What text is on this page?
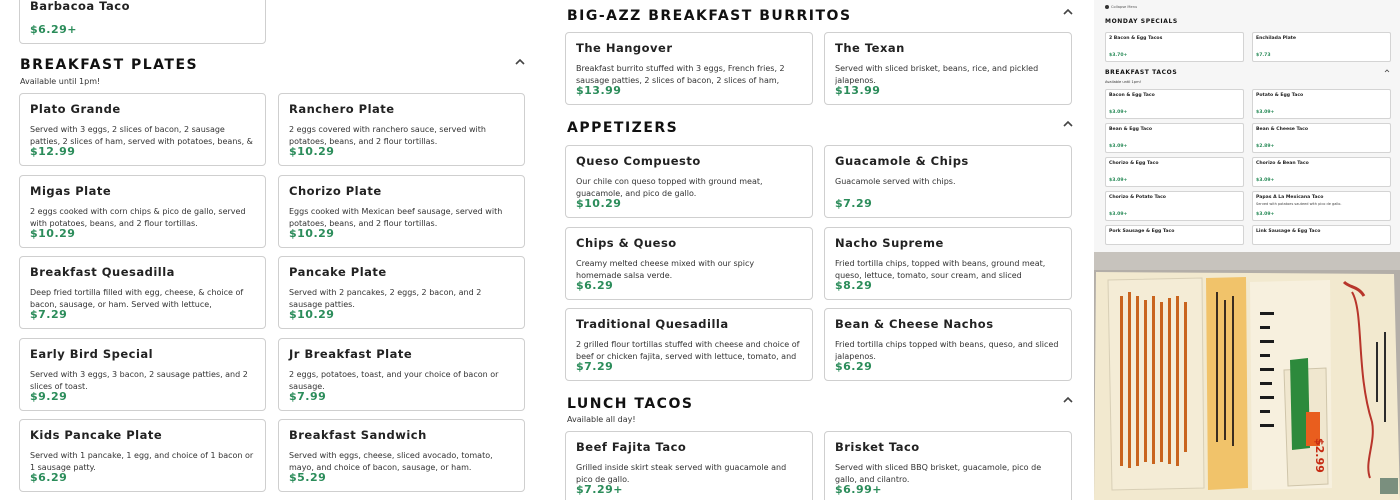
Barbacoa Taco
$6.29+
BREAKFAST PLATES
Available until 1pm!
Plato Grande
Served with 3 eggs, 2 slices of bacon, 2 sausage patties, 2 slices of ham, served with potatoes, beans, &
$12.99
Ranchero Plate
2 eggs covered with ranchero sauce, served with potatoes, beans, and 2 flour tortillas.
$10.29
Migas Plate
2 eggs cooked with corn chips & pico de gallo, served with potatoes, beans, and 2 flour tortillas.
$10.29
Chorizo Plate
Eggs cooked with Mexican beef sausage, served with potatoes, beans, and 2 flour tortillas.
$10.29
Breakfast Quesadilla
Deep fried tortilla filled with egg, cheese, & choice of bacon, sausage, or ham. Served with lettuce,
$7.29
Pancake Plate
Served with 2 pancakes, 2 eggs, 2 bacon, and 2 sausage patties.
$10.29
Early Bird Special
Served with 3 eggs, 3 bacon, 2 sausage patties, and 2 slices of toast.
$9.29
Jr Breakfast Plate
2 eggs, potatoes, toast, and your choice of bacon or sausage.
$7.99
Kids Pancake Plate
Served with 1 pancake, 1 egg, and choice of 1 bacon or 1 sausage patty.
$6.29
Breakfast Sandwich
Served with eggs, cheese, sliced avocado, tomato, mayo, and choice of bacon, sausage, or ham.
$5.29
BIG-AZZ BREAKFAST BURRITOS
APPETIZERS
LUNCH TACOS
Available all day!
The Hangover
Breakfast burrito stuffed with 3 eggs, French fries, 2 sausage patties, 2 slices of bacon, 2 slices of ham,
$13.99
The Texan
Served with sliced brisket, beans, rice, and pickled jalapenos.
$13.99
Queso Compuesto
Our chile con queso topped with ground meat, guacamole, and pico de gallo.
$10.29
Guacamole & Chips
Guacamole served with chips.
$7.29
Chips & Queso
Creamy melted cheese mixed with our spicy homemade salsa verde.
$6.29
Nacho Supreme
Fried tortilla chips, topped with beans, ground meat, queso, lettuce, tomato, sour cream, and sliced
$8.29
Traditional Quesadilla
2 grilled flour tortillas stuffed with cheese and choice of beef or chicken fajita, served with lettuce, tomato, and
$7.29
Bean & Cheese Nachos
Fried tortilla chips topped with beans, queso, and sliced jalapenos.
$6.29
Beef Fajita Taco
Grilled inside skirt steak served with guacamole and pico de gallo.
$7.29+
Brisket Taco
Served with sliced BBQ brisket, guacamole, pico de gallo, and cilantro.
$6.99+
Collapse Menu
MONDAY SPECIALS
BREAKFAST TACOS
Available until 1pm!
2 Bacon & Egg Tacos
$3.70+
Enchilada Plate
$7.73
Bacon & Egg Taco
$3.09+
Potato & Egg Taco
$3.09+
Bean & Egg Taco
$3.09+
Bean & Cheese Taco
$2.89+
Chorizo & Egg Taco
$3.09+
Chorizo & Bean Taco
$3.09+
Chorizo & Potato Taco
$3.09+
Papas A La Mexicana Taco
Served with potatoes sauteed with pico de gallo.
$3.09+
Pork Sausage & Egg Taco	Link Sausage & Egg Taco
$2.99
